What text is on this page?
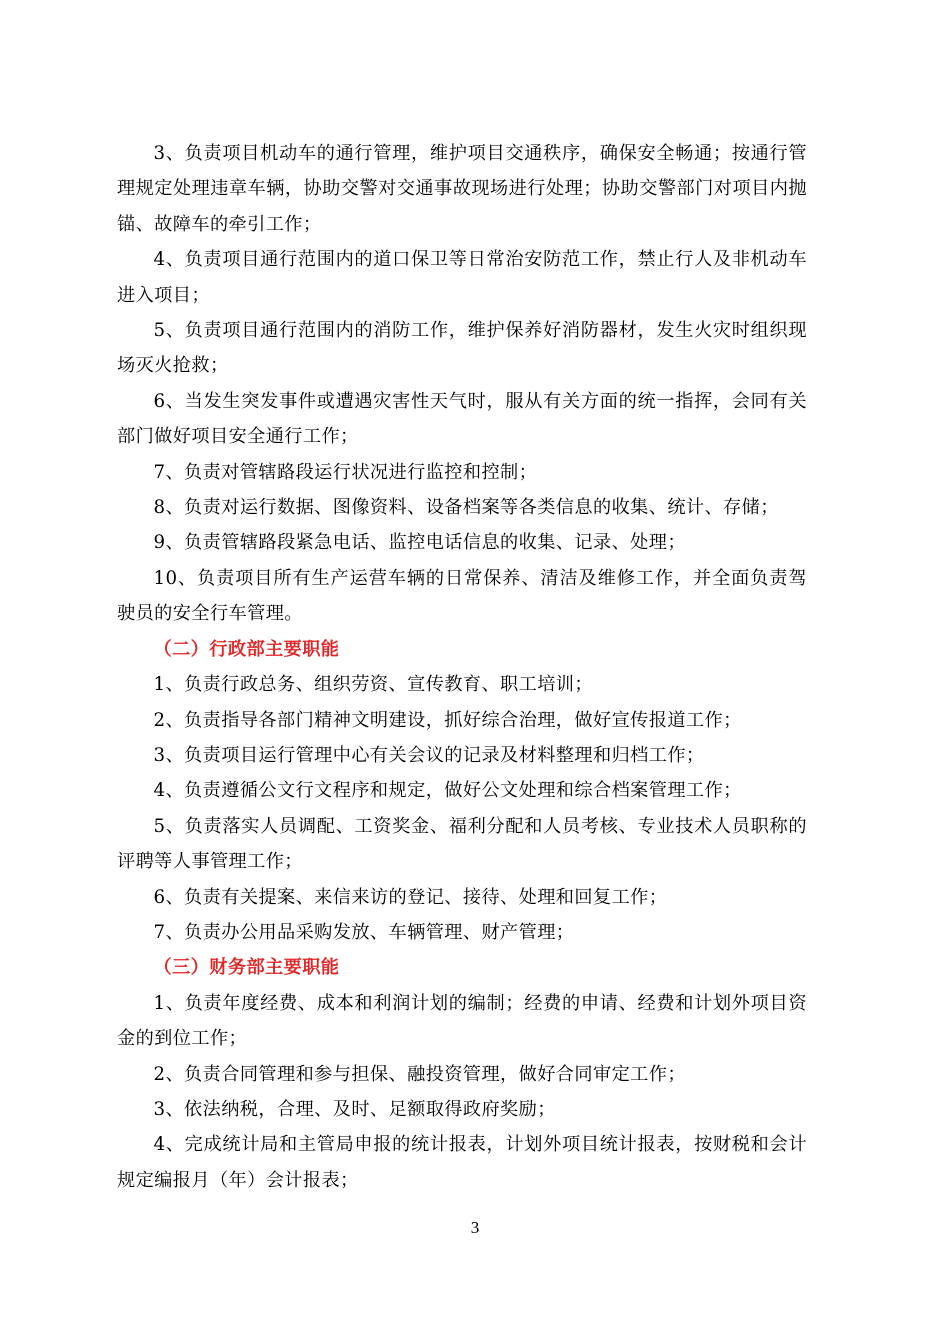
3、负责项目机动车的通行管理，维护项目交通秩序，确保安全畅通；按通行管理规定处理违章车辆，协助交警对交通事故现场进行处理；协助交警部门对项目内抛锚、故障车的牵引工作；

4、负责项目通行范围内的道口保卫等日常治安防范工作，禁止行人及非机动车进入项目；

5、负责项目通行范围内的消防工作，维护保养好消防器材，发生火灾时组织现场灭火抢救；

6、当发生突发事件或遭遇灾害性天气时，服从有关方面的统一指挥，会同有关部门做好项目安全通行工作；

7、负责对管辖路段运行状况进行监控和控制；

8、负责对运行数据、图像资料、设备档案等各类信息的收集、统计、存储；

9、负责管辖路段紧急电话、监控电话信息的收集、记录、处理；

10、负责项目所有生产运营车辆的日常保养、清洁及维修工作，并全面负责驾驶员的安全行车管理。

（二）行政部主要职能

1、负责行政总务、组织劳资、宣传教育、职工培训；

2、负责指导各部门精神文明建设，抓好综合治理，做好宣传报道工作；

3、负责项目运行管理中心有关会议的记录及材料整理和归档工作；

4、负责遵循公文行文程序和规定，做好公文处理和综合档案管理工作；

5、负责落实人员调配、工资奖金、福利分配和人员考核、专业技术人员职称的评聘等人事管理工作；

6、负责有关提案、来信来访的登记、接待、处理和回复工作；

7、负责办公用品采购发放、车辆管理、财产管理；

（三）财务部主要职能

1、负责年度经费、成本和利润计划的编制；经费的申请、经费和计划外项目资金的到位工作；

2、负责合同管理和参与担保、融投资管理，做好合同审定工作；

3、依法纳税，合理、及时、足额取得政府奖励；

4、完成统计局和主管局申报的统计报表，计划外项目统计报表，按财税和会计规定编报月（年）会计报表；

3
